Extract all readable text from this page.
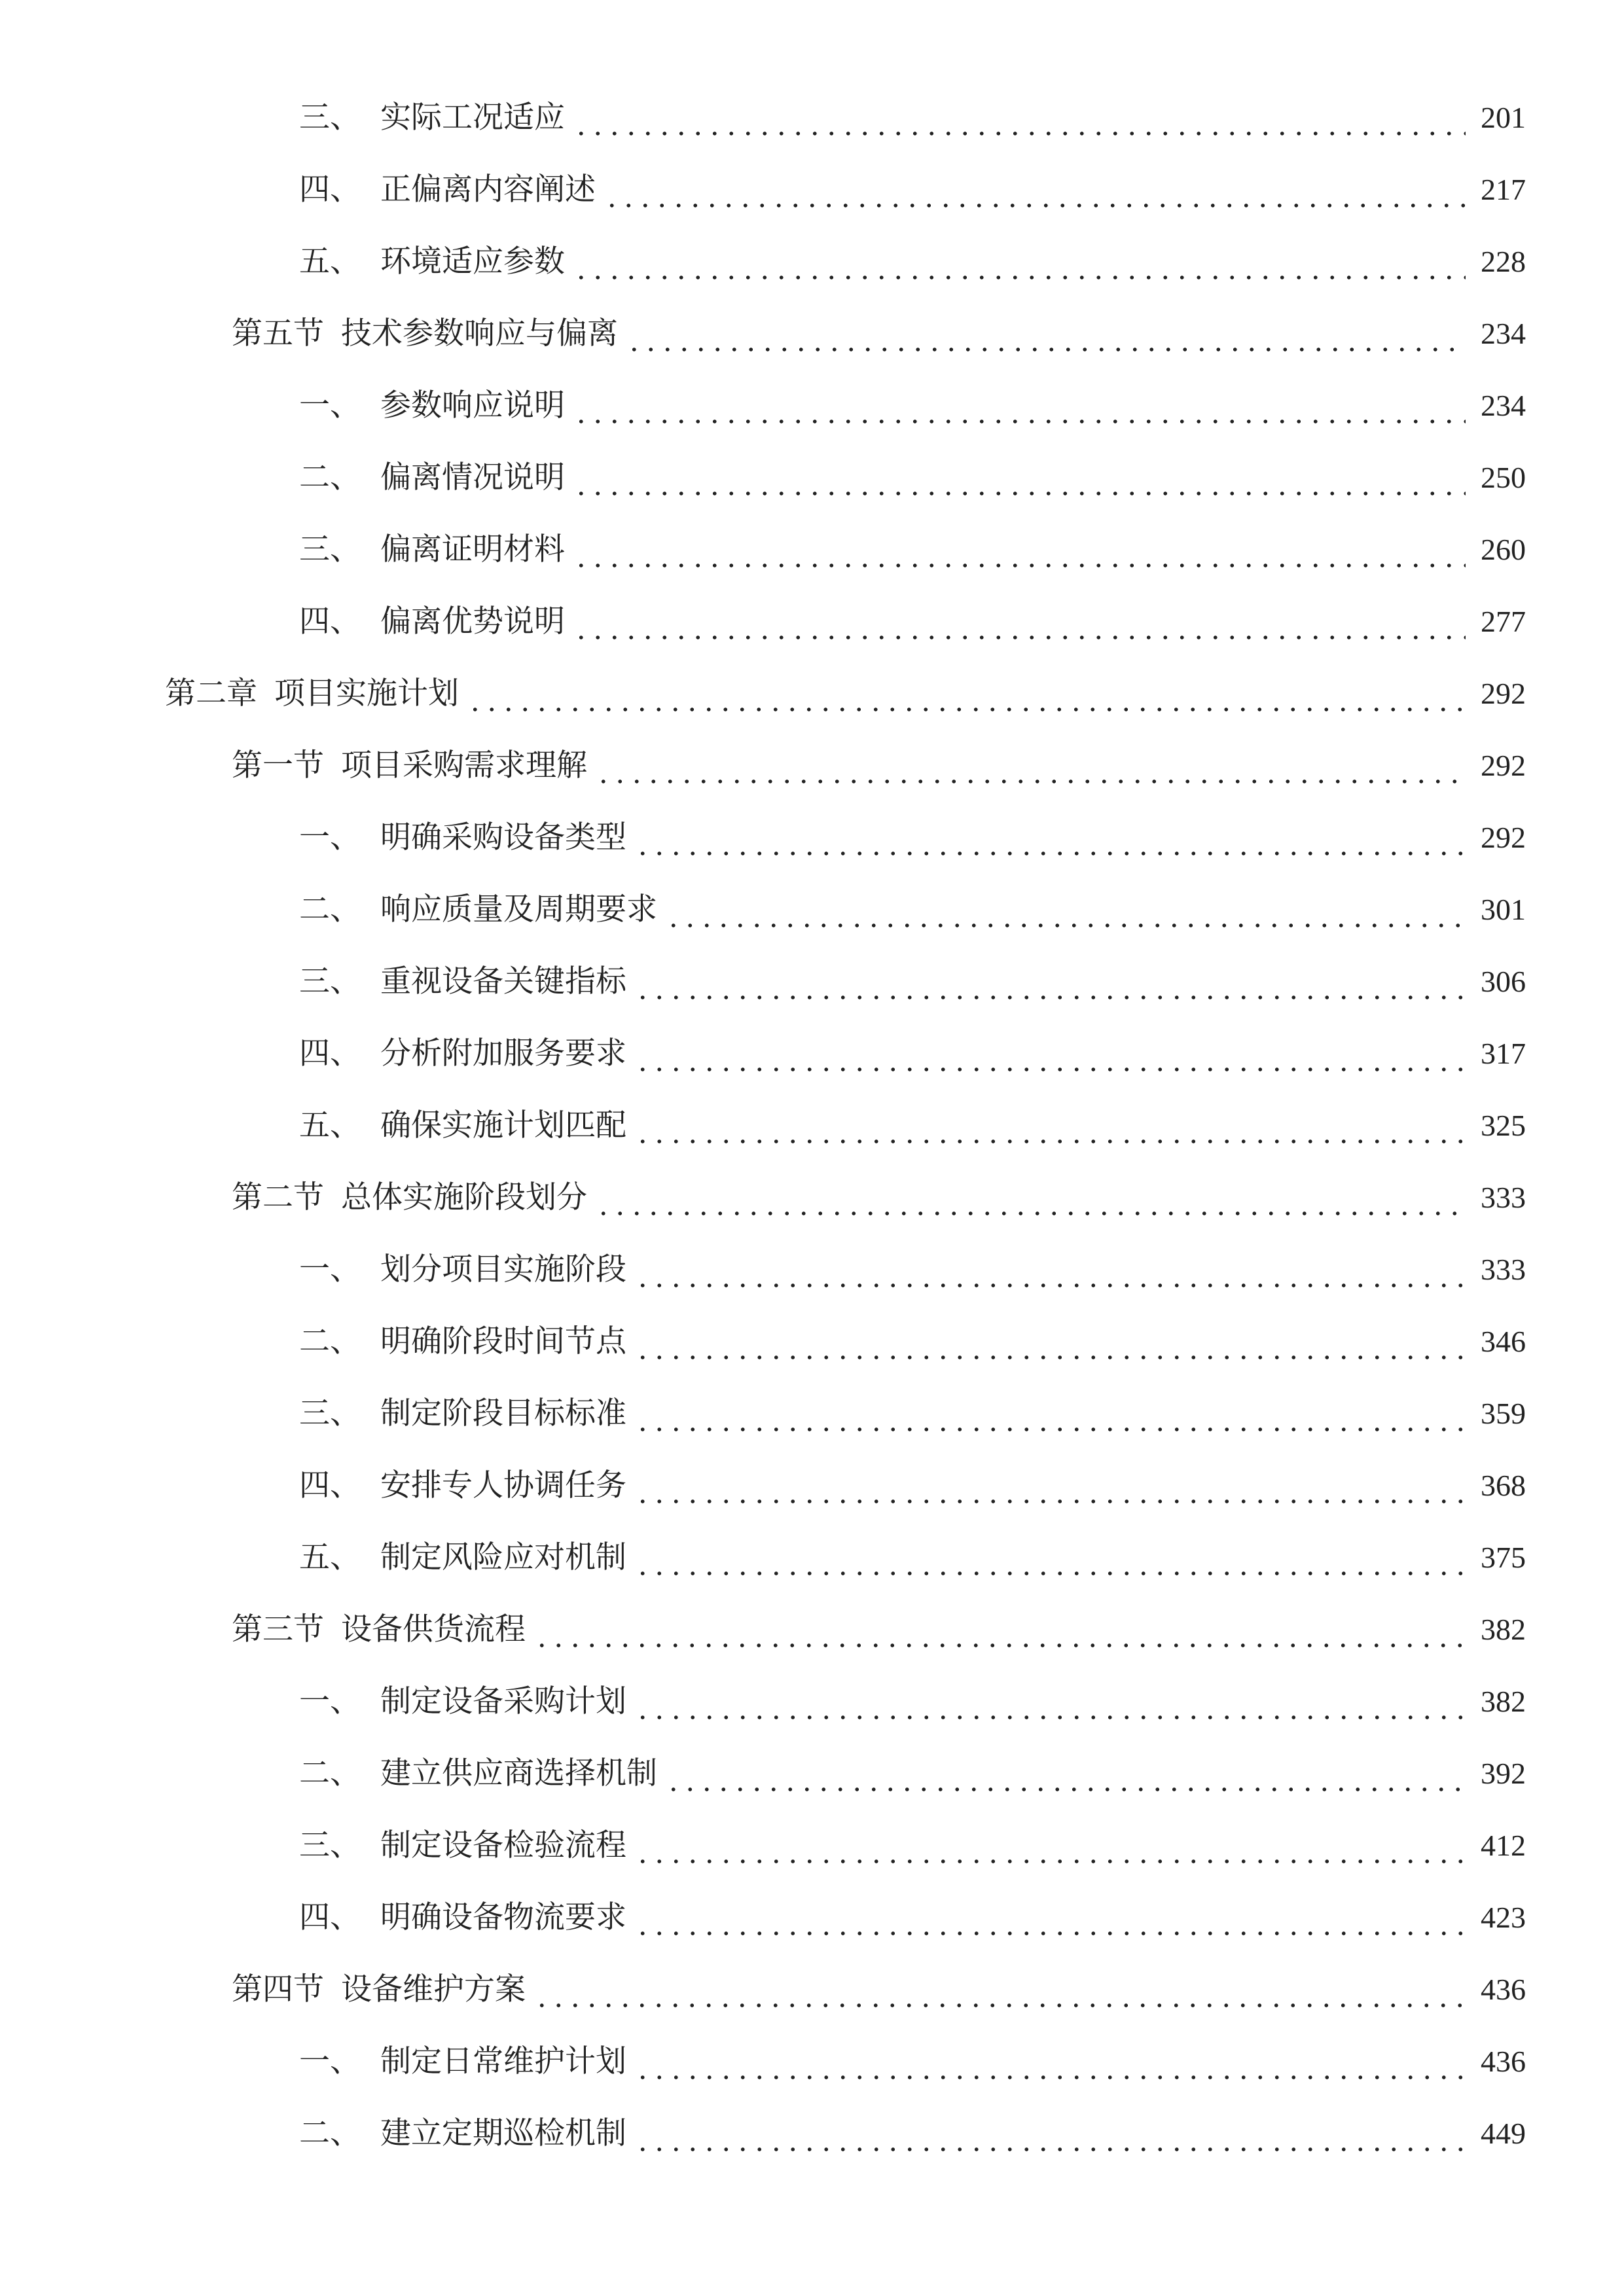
三、 实际工况适应	201
四、 正偏离内容阐述	217
五、 环境适应参数	228
第五节 技术参数响应与偏离	234
一、 参数响应说明	234
二、 偏离情况说明	250
三、 偏离证明材料	260
四、 偏离优势说明	277
第二章 项目实施计划	292
第一节 项目采购需求理解	292
一、 明确采购设备类型	292
二、 响应质量及周期要求	301
三、 重视设备关键指标	306
四、 分析附加服务要求	317
五、 确保实施计划匹配	325
第二节 总体实施阶段划分	333
一、 划分项目实施阶段	333
二、 明确阶段时间节点	346
三、 制定阶段目标标准	359
四、 安排专人协调任务	368
五、 制定风险应对机制	375
第三节 设备供货流程	382
一、 制定设备采购计划	382
二、 建立供应商选择机制	392
三、 制定设备检验流程	412
四、 明确设备物流要求	423
第四节 设备维护方案	436
一、 制定日常维护计划	436
二、 建立定期巡检机制	449
